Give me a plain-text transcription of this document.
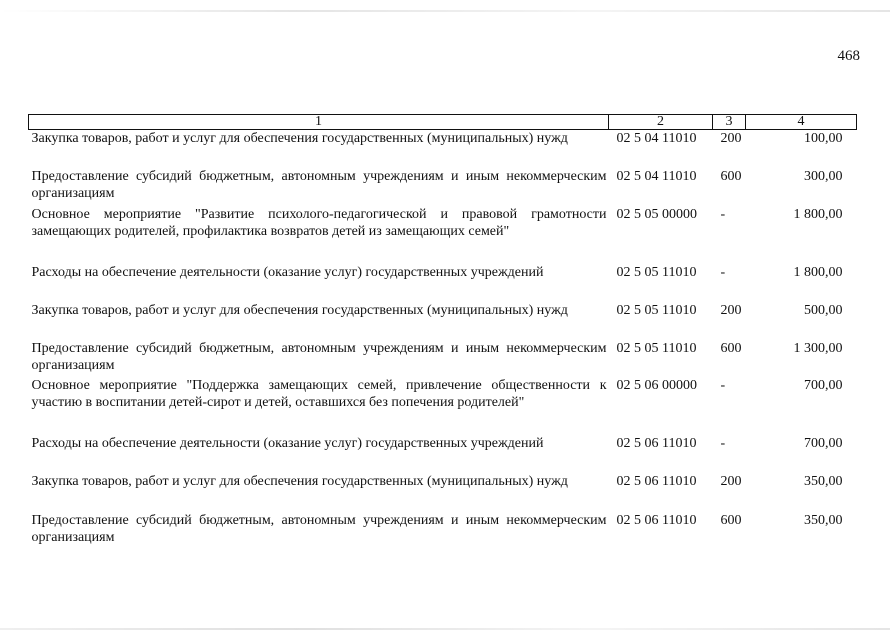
468
1	2	3	4
Закупка товаров, работ и услуг для обеспечения государственных (муниципальных) нужд	02 5 04 11010	200	100,00
Предоставление субсидий бюджетным, автономным учреждениям и иным некоммерческим организациям	02 5 04 11010	600	300,00
Основное мероприятие "Развитие психолого-педагогической и правовой грамотности замещающих родителей, профилактика возвратов детей из замещающих семей"	02 5 05 00000	-	1 800,00
Расходы на обеспечение деятельности (оказание услуг) государственных учреждений	02 5 05 11010	-	1 800,00
Закупка товаров, работ и услуг для обеспечения государственных (муниципальных) нужд	02 5 05 11010	200	500,00
Предоставление субсидий бюджетным, автономным учреждениям и иным некоммерческим организациям	02 5 05 11010	600	1 300,00
Основное мероприятие "Поддержка замещающих семей, привлечение общественности к участию в воспитании детей-сирот и детей, оставшихся без попечения родителей"	02 5 06 00000	-	700,00
Расходы на обеспечение деятельности (оказание услуг) государственных учреждений	02 5 06 11010	-	700,00
Закупка товаров, работ и услуг для обеспечения государственных (муниципальных) нужд	02 5 06 11010	200	350,00
Предоставление субсидий бюджетным, автономным учреждениям и иным некоммерческим организациям	02 5 06 11010	600	350,00
